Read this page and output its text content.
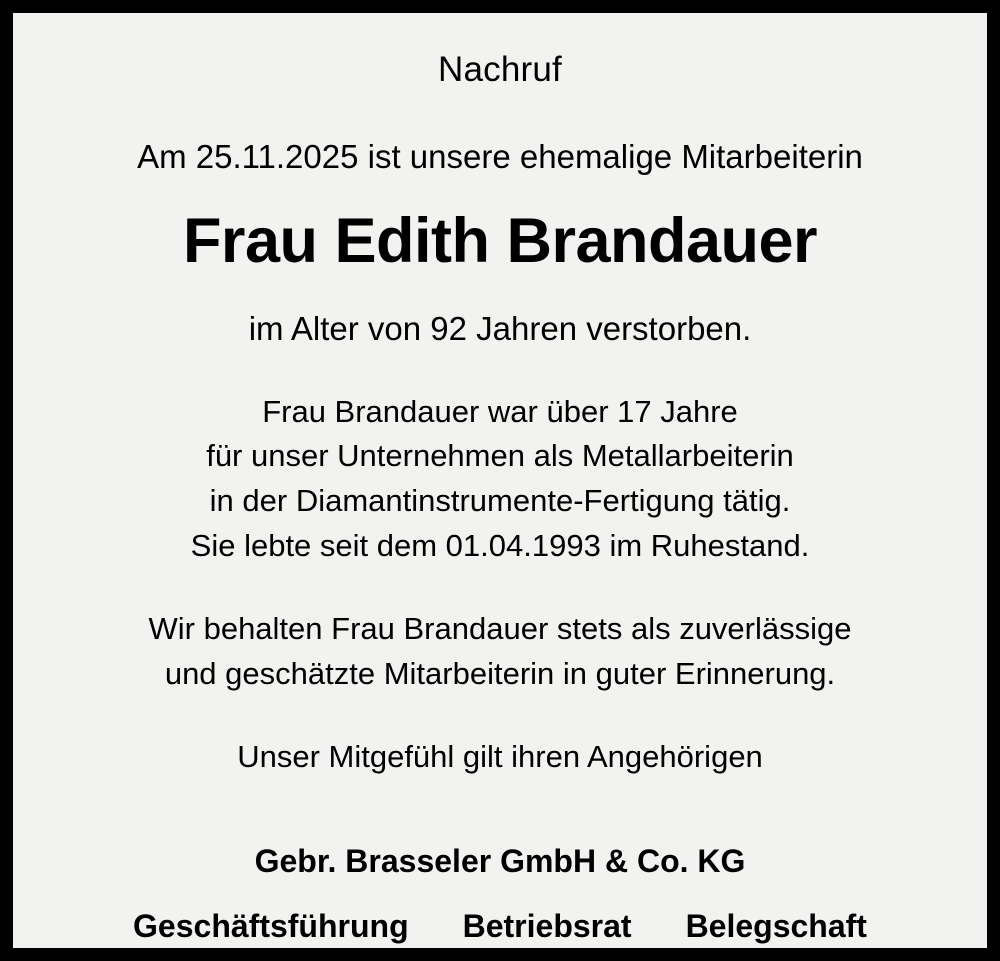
Nachruf
Am 25.11.2025 ist unsere ehemalige Mitarbeiterin
Frau Edith Brandauer
im Alter von 92 Jahren verstorben.
Frau Brandauer war über 17 Jahre
für unser Unternehmen als Metallarbeiterin
in der Diamantinstrumente-Fertigung tätig.
Sie lebte seit dem 01.04.1993 im Ruhestand.
Wir behalten Frau Brandauer stets als zuverlässige
und geschätzte Mitarbeiterin in guter Erinnerung.
Unser Mitgefühl gilt ihren Angehörigen
Gebr. Brasseler GmbH & Co. KG
Geschäftsführung Betriebsrat Belegschaft
